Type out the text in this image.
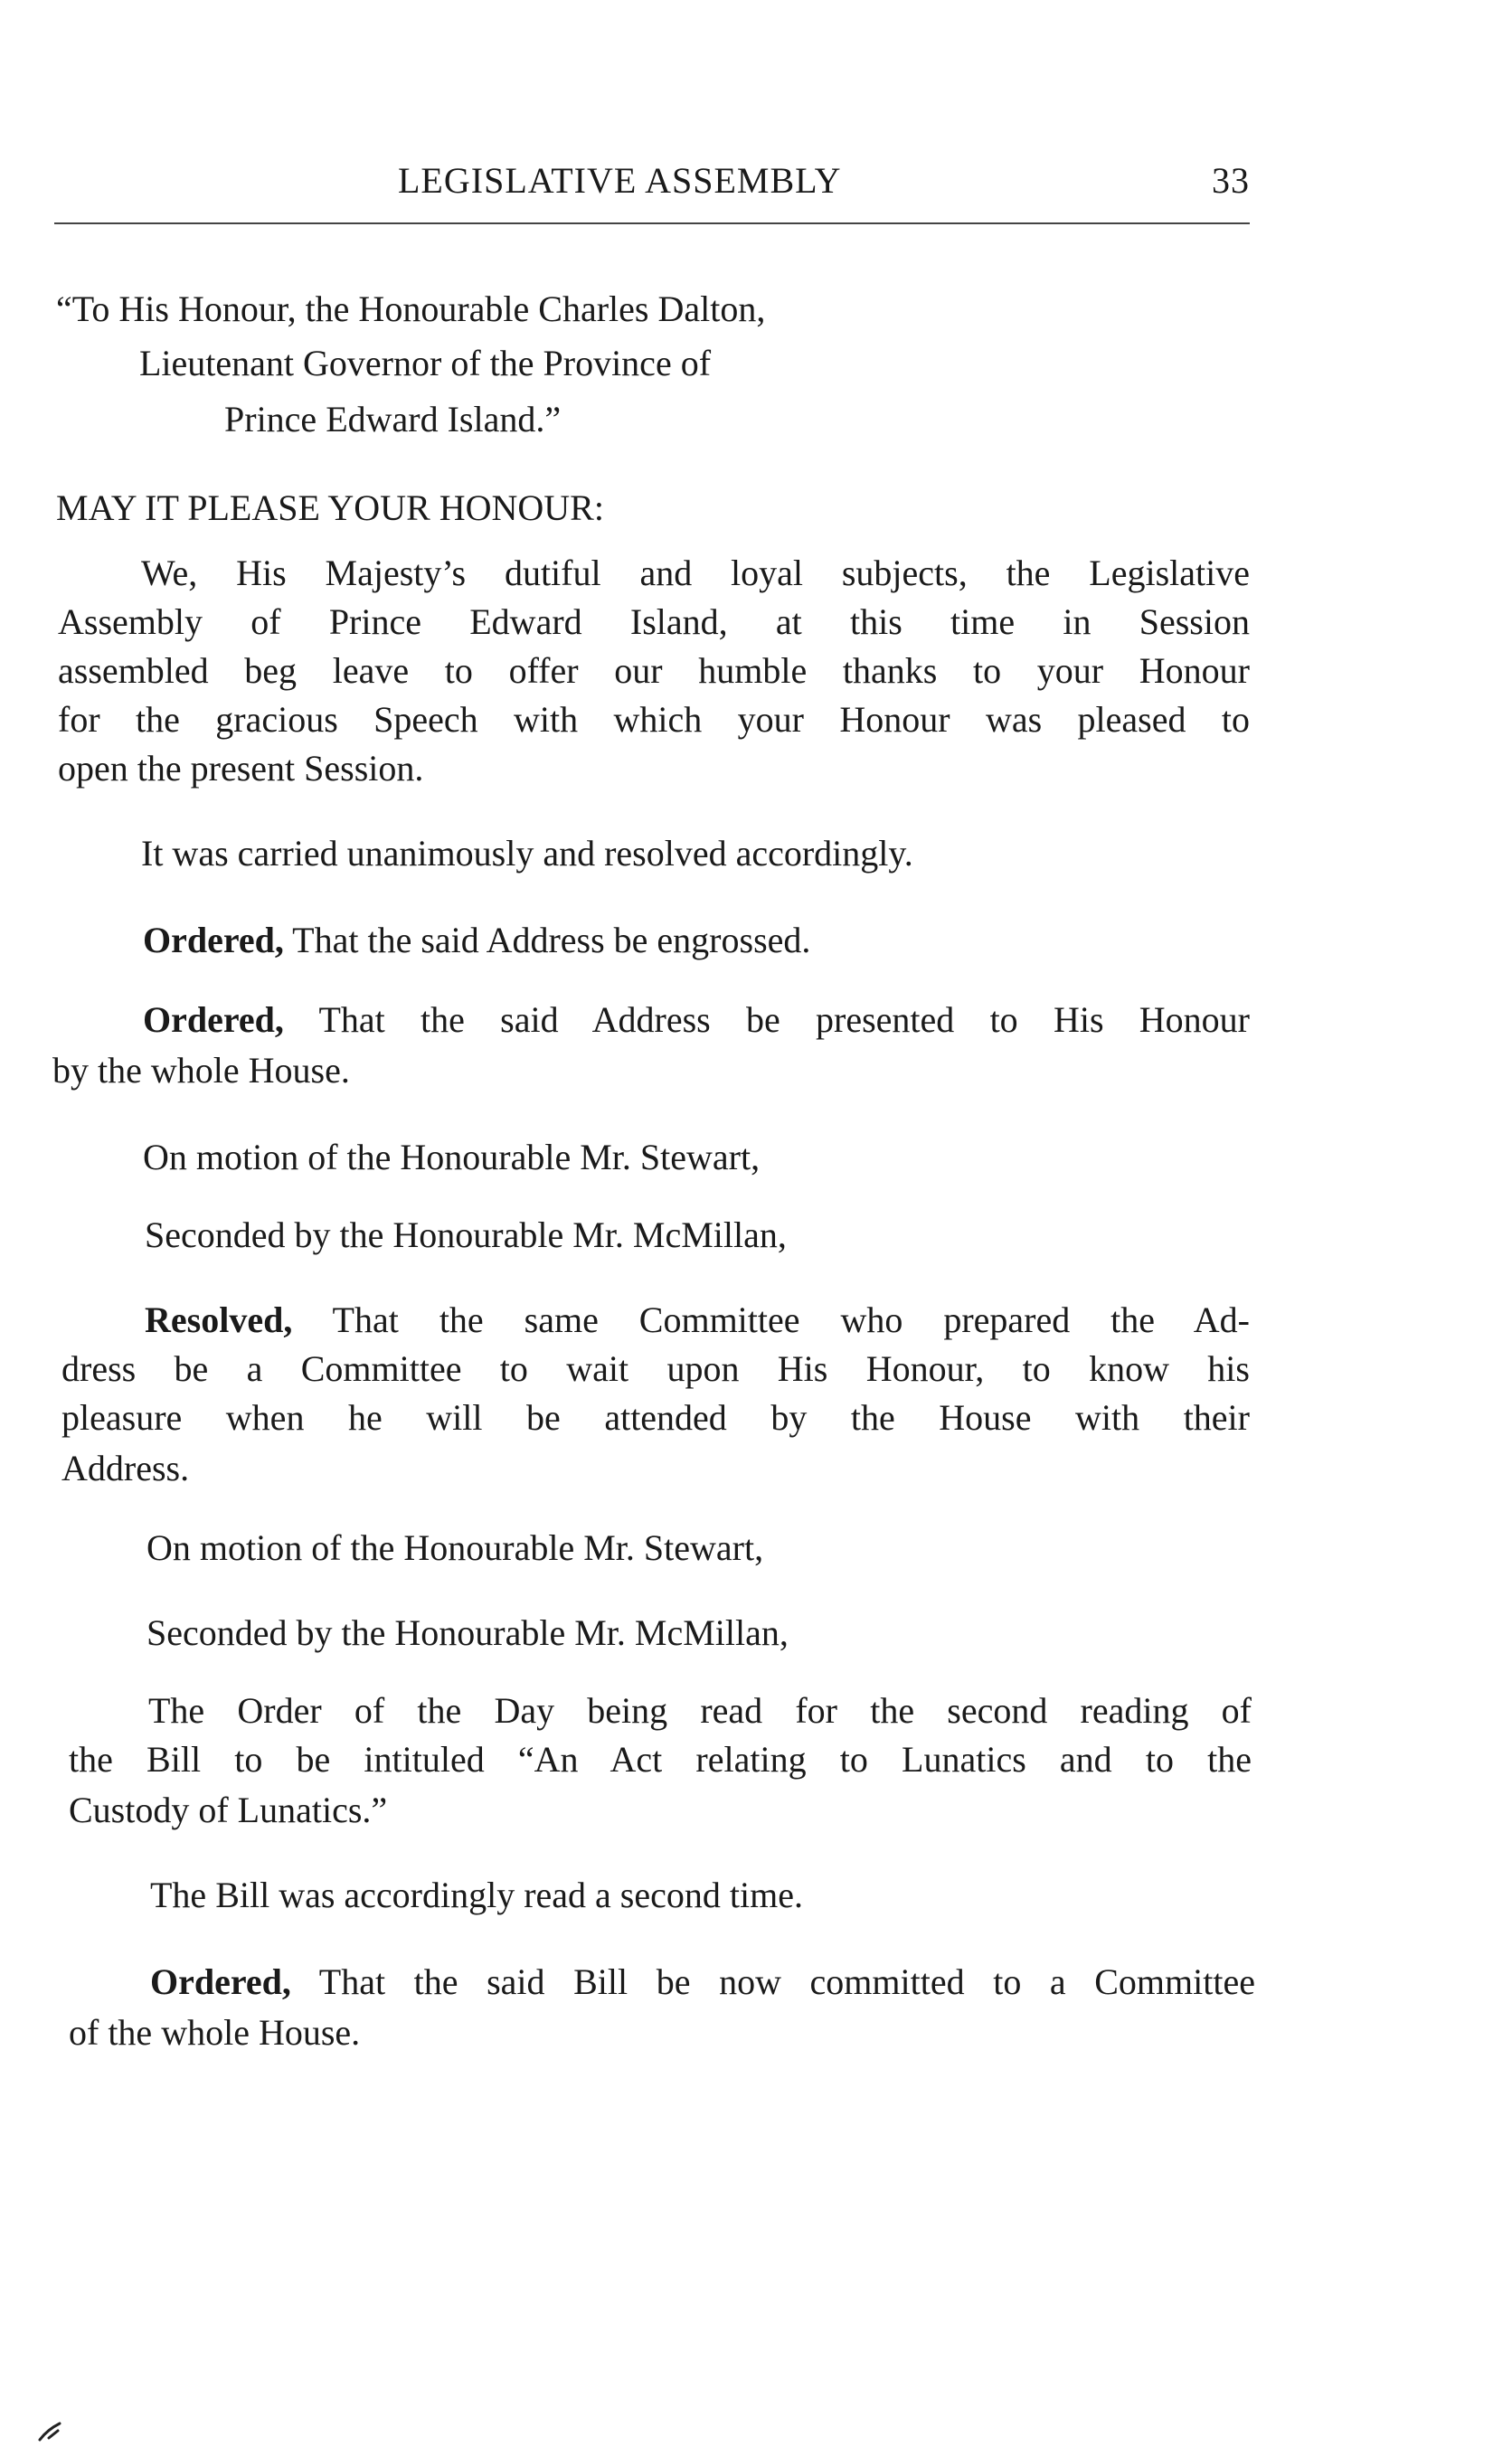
LEGISLATIVE ASSEMBLY	33
“To His Honour, the Honourable Charles Dalton,
Lieutenant Governor of the Province of
Prince Edward Island.”
MAY IT PLEASE YOUR HONOUR:
We, His Majesty’s dutiful and loyal subjects, the Legislative
Assembly of Prince Edward Island, at this time in Session
assembled beg leave to offer our humble thanks to your Honour
for the gracious Speech with which your Honour was pleased to
open the present Session.
It was carried unanimously and resolved accordingly.
Ordered, That the said Address be engrossed.
Ordered, That the said Address be presented to His Honour
by the whole House.
On motion of the Honourable Mr. Stewart,
Seconded by the Honourable Mr. McMillan,
Resolved, That the same Committee who prepared the Ad-
dress be a Committee to wait upon His Honour, to know his
pleasure when he will be attended by the House with their
Address.
On motion of the Honourable Mr. Stewart,
Seconded by the Honourable Mr. McMillan,
The Order of the Day being read for the second reading of
the Bill to be intituled “An Act relating to Lunatics and to the
Custody of Lunatics.”
The Bill was accordingly read a second time.
Ordered, That the said Bill be now committed to a Committee
of the whole House.
